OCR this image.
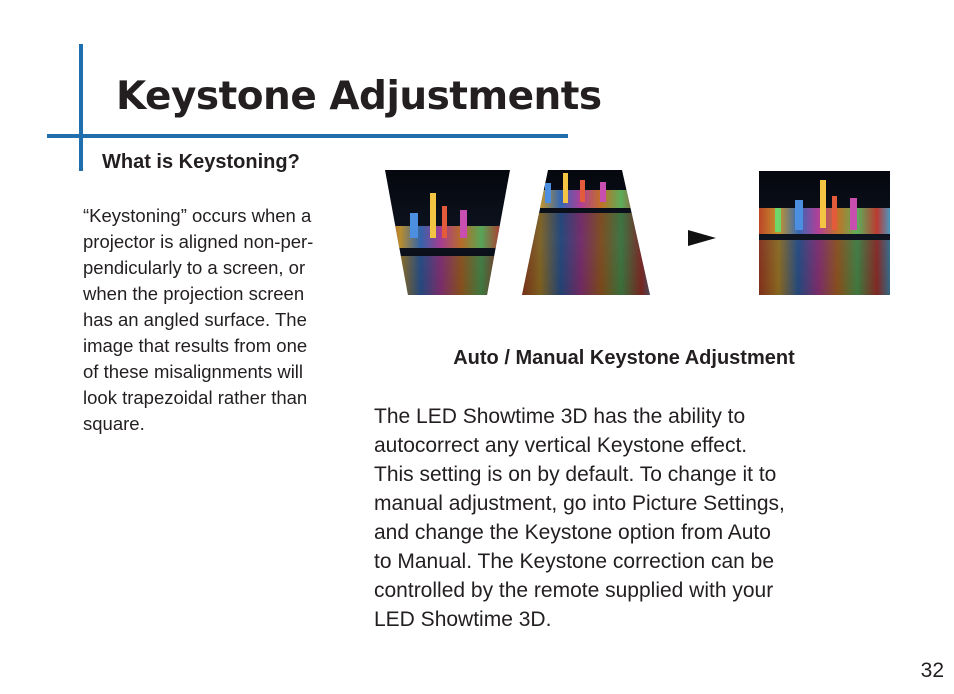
Keystone Adjustments
What is Keystoning?
“Keystoning” occurs when a
projector is aligned non-per-
pendicularly to a screen, or
when the projection screen
has an angled surface. The
image that results from one
of these misalignments will
look trapezoidal rather than
square.
Auto / Manual Keystone Adjustment
The LED Showtime 3D has the ability to
autocorrect any vertical Keystone effect.
This setting is on by default. To change it to
manual adjustment, go into Picture Settings,
and change the Keystone option from Auto
to Manual. The Keystone correction can be
controlled by the remote supplied with your
LED Showtime 3D.
32
